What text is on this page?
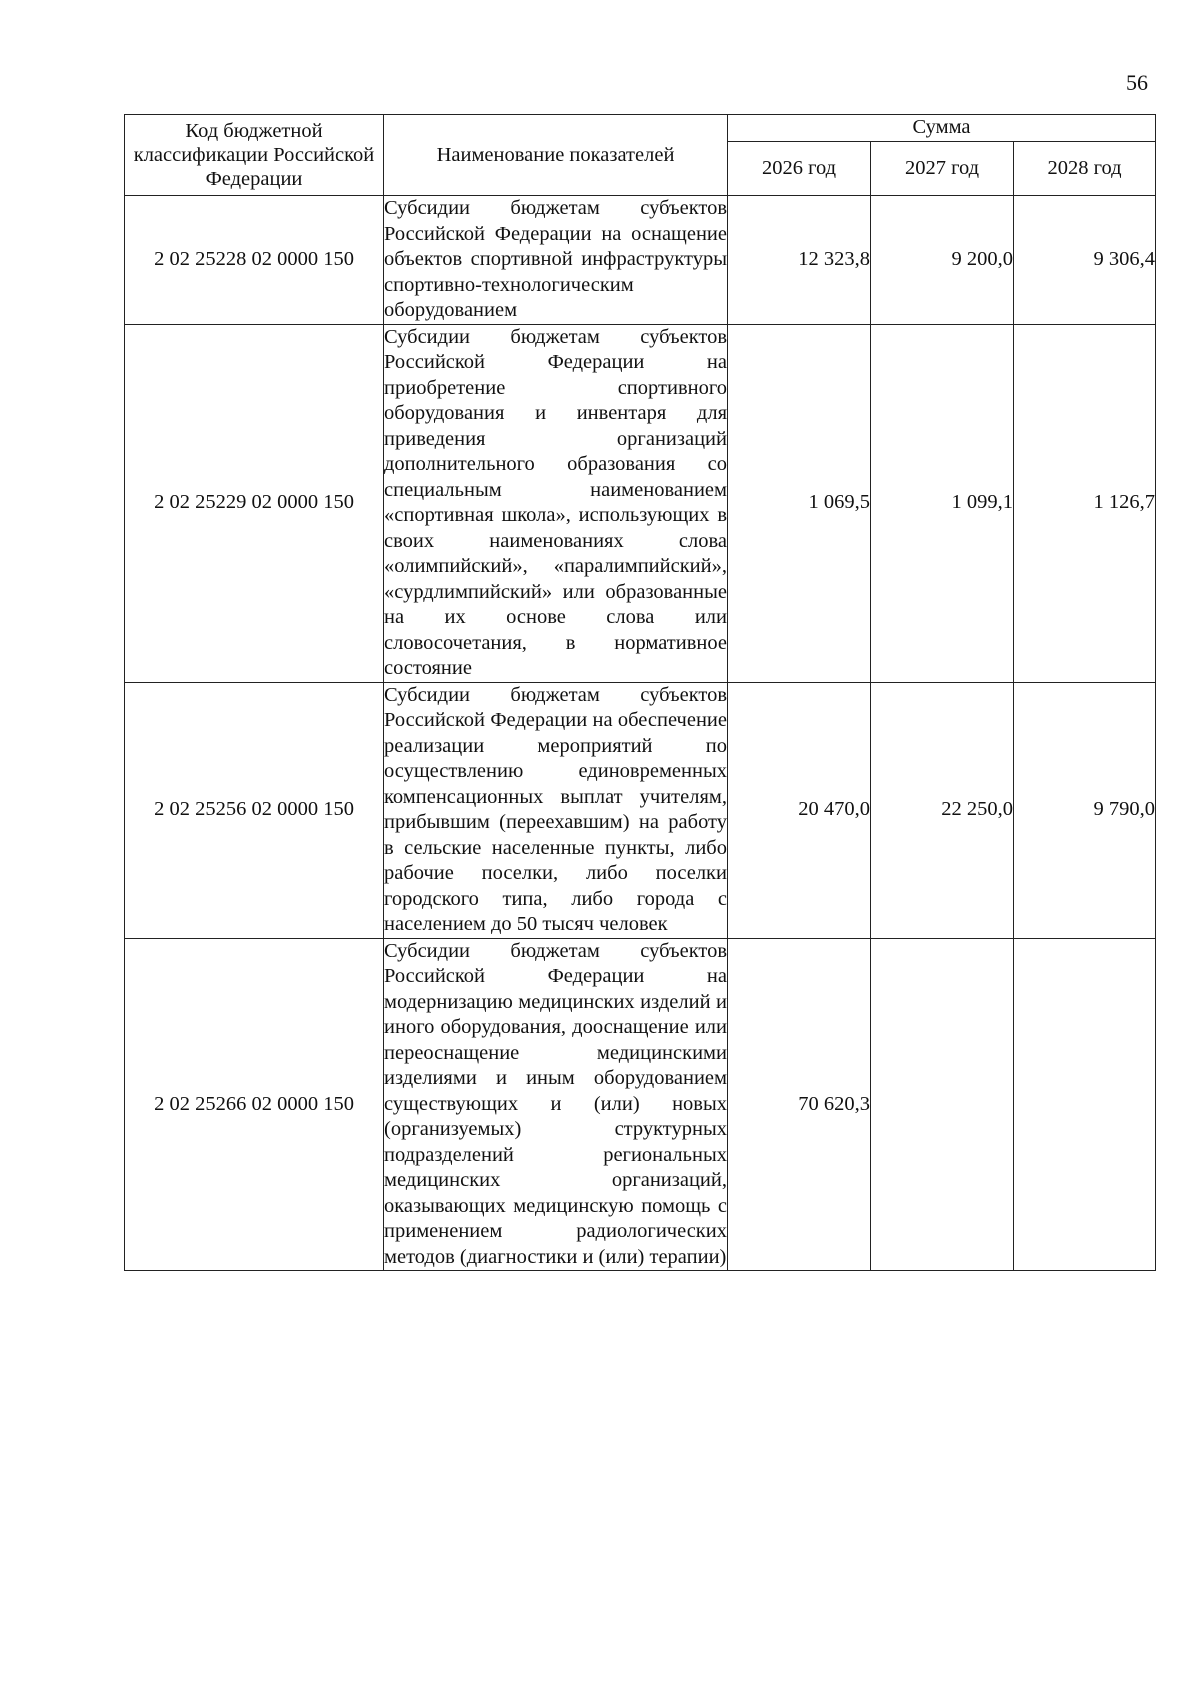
56
Код бюджетной классификации Российской Федерации	Наименование показателей	Сумма		
		2026 год	2027 год	2028 год
2 02 25228 02 0000 150	Субсидии бюджетам субъектов Российской Федерации на оснащение объектов спортивной инфраструктуры спортивно-технологическим оборудованием	12 323,8	9 200,0	9 306,4
2 02 25229 02 0000 150	Субсидии бюджетам субъектов Российской Федерации на приобретение спортивного оборудования и инвентаря для приведения организаций дополнительного образования со специальным наименованием «спортивная школа», использующих в своих наименованиях слова «олимпийский», «паралимпийский», «сурдлимпийский» или образованные на их основе слова или словосочетания, в нормативное состояние	1 069,5	1 099,1	1 126,7
2 02 25256 02 0000 150	Субсидии бюджетам субъектов Российской Федерации на обеспечение реализации мероприятий по осуществлению единовременных компенсационных выплат учителям, прибывшим (переехавшим) на работу в сельские населенные пункты, либо рабочие поселки, либо поселки городского типа, либо города с населением до 50 тысяч человек	20 470,0	22 250,0	9 790,0
2 02 25266 02 0000 150	Субсидии бюджетам субъектов Российской Федерации на модернизацию медицинских изделий и иного оборудования, дооснащение или переоснащение медицинскими изделиями и иным оборудованием существующих и (или) новых (организуемых) структурных подразделений региональных медицинских организаций, оказывающих медицинскую помощь с применением радиологических методов (диагностики и (или) терапии)	70 620,3		
